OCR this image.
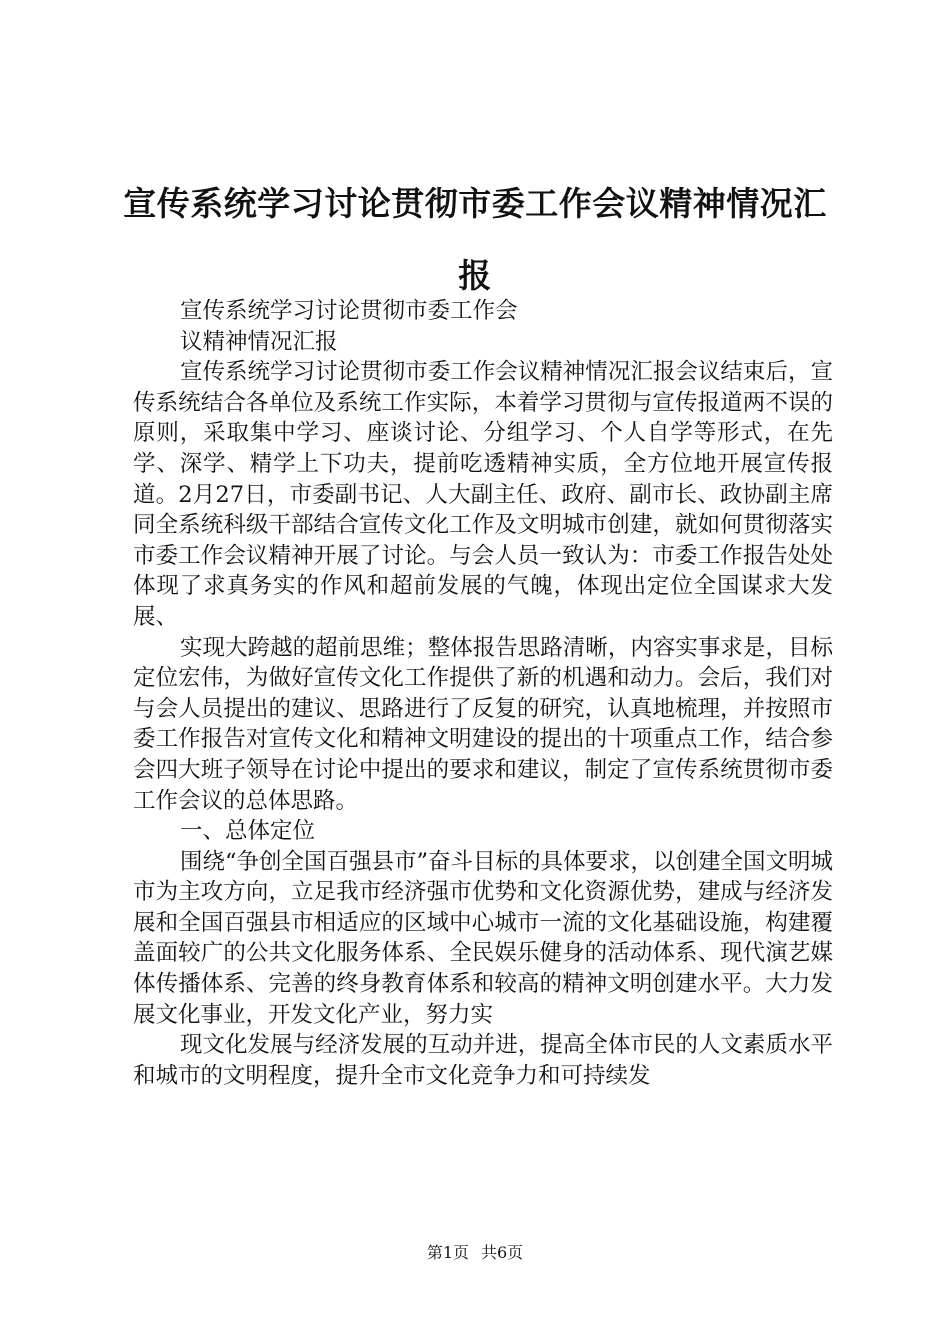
宣传系统学习讨论贯彻市委工作会议精神情况汇报

宣传系统学习讨论贯彻市委工作会

议精神情况汇报

宣传系统学习讨论贯彻市委工作会议精神情况汇报会议结束后，宣传系统结合各单位及系统工作实际，本着学习贯彻与宣传报道两不误的原则，采取集中学习、座谈讨论、分组学习、个人自学等形式，在先学、深学、精学上下功夫，提前吃透精神实质，全方位地开展宣传报道。2月27日，市委副书记、人大副主任、政府、副市长、政协副主席同全系统科级干部结合宣传文化工作及文明城市创建，就如何贯彻落实市委工作会议精神开展了讨论。与会人员一致认为：市委工作报告处处体现了求真务实的作风和超前发展的气魄，体现出定位全国谋求大发展、

实现大跨越的超前思维；整体报告思路清晰，内容实事求是，目标定位宏伟，为做好宣传文化工作提供了新的机遇和动力。会后，我们对与会人员提出的建议、思路进行了反复的研究，认真地梳理，并按照市委工作报告对宣传文化和精神文明建设的提出的十项重点工作，结合参会四大班子领导在讨论中提出的要求和建议，制定了宣传系统贯彻市委工作会议的总体思路。

一、总体定位

围绕“争创全国百强县市”奋斗目标的具体要求，以创建全国文明城市为主攻方向，立足我市经济强市优势和文化资源优势，建成与经济发展和全国百强县市相适应的区域中心城市一流的文化基础设施，构建覆盖面较广的公共文化服务体系、全民娱乐健身的活动体系、现代演艺媒体传播体系、完善的终身教育体系和较高的精神文明创建水平。大力发展文化事业，开发文化产业，努力实

现文化发展与经济发展的互动并进，提高全体市民的人文素质水平和城市的文明程度，提升全市文化竞争力和可持续发

第1页 共6页
